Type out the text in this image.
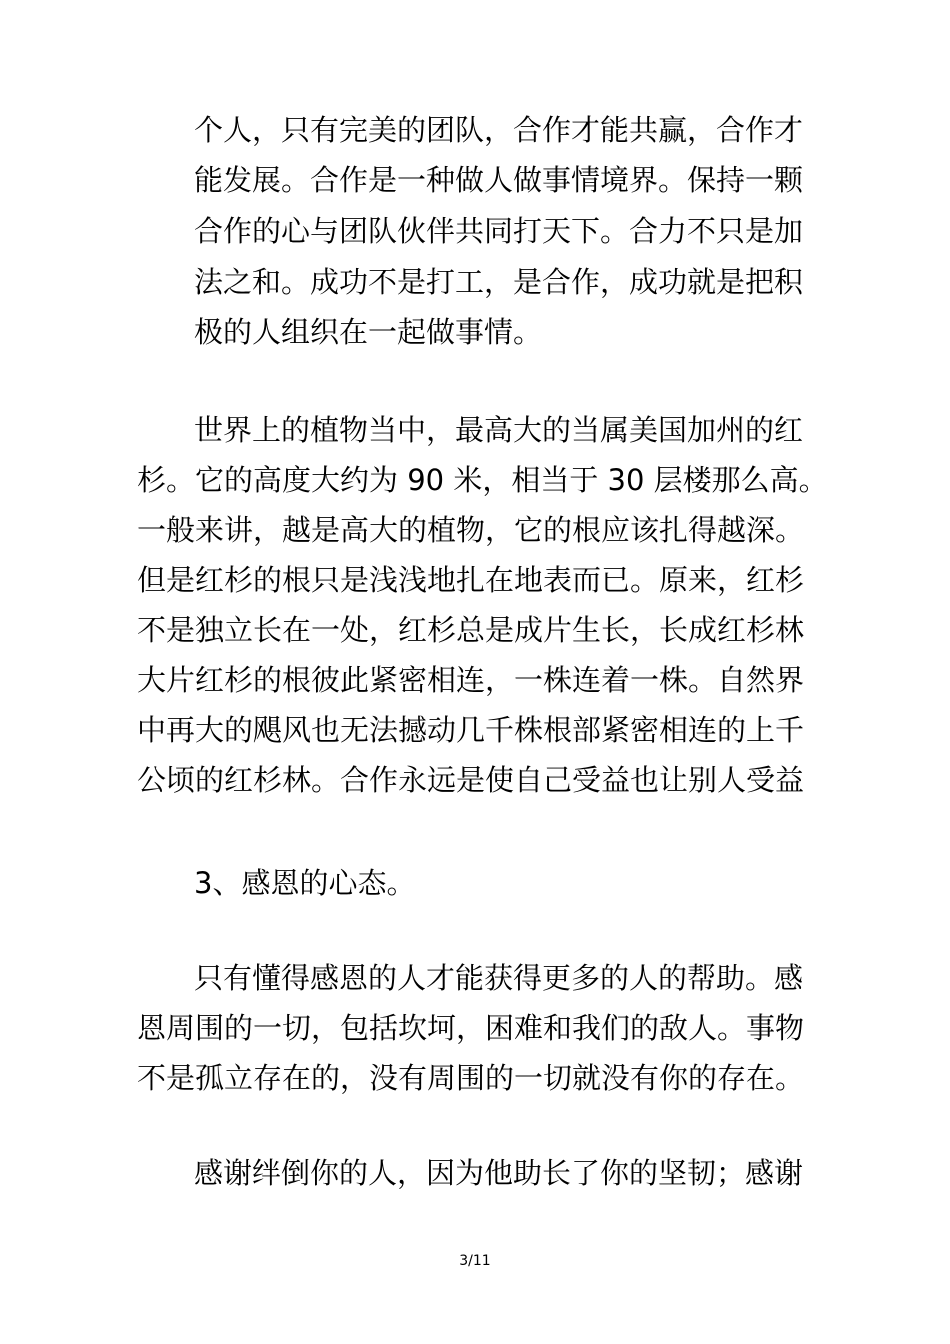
个人，只有完美的团队，合作才能共赢，合作才
能发展。合作是一种做人做事情境界。保持一颗
合作的心与团队伙伴共同打天下。合力不只是加
法之和。成功不是打工，是合作，成功就是把积
极的人组织在一起做事情。
世界上的植物当中，最高大的当属美国加州的红
杉。它的高度大约为 90 米，相当于 30 层楼那么高。
一般来讲，越是高大的植物，它的根应该扎得越深。
但是红杉的根只是浅浅地扎在地表而已。原来，红杉
不是独立长在一处，红杉总是成片生长，长成红杉林
大片红杉的根彼此紧密相连，一株连着一株。自然界
中再大的飓风也无法撼动几千株根部紧密相连的上千
公顷的红杉林。合作永远是使自己受益也让别人受益
3、感恩的心态。
只有懂得感恩的人才能获得更多的人的帮助。感
恩周围的一切，包括坎坷，困难和我们的敌人。事物
不是孤立存在的，没有周围的一切就没有你的存在。
感谢绊倒你的人，因为他助长了你的坚韧；感谢
3/11
